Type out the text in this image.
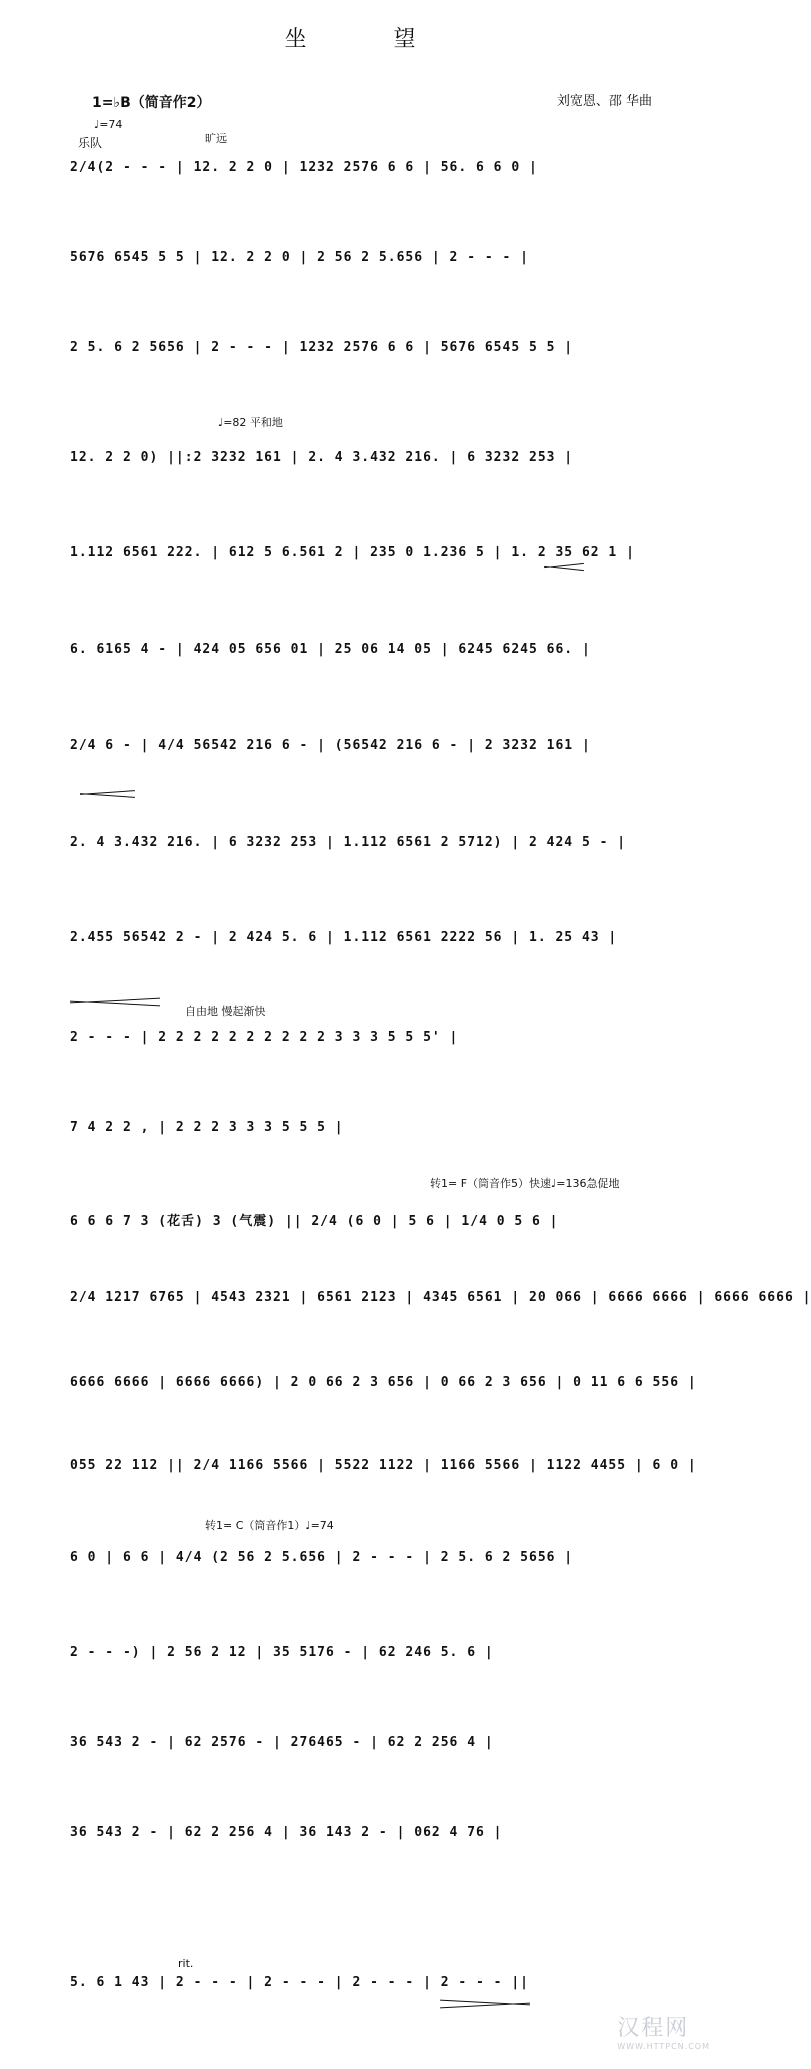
坐 望
1=♭B（简音作2）	刘宽恩、邵 华曲
♩=74
乐队	旷远
♩=82 平和地
自由地 慢起渐快
转1= F（筒音作5）快速♩=136急促地
转1= C（筒音作1）♩=74
rit.
2/4(2 - - - | 12. 2 2 0 | 1232 2576 6 6 | 56. 6 6 0 |
5676 6545 5 5 | 12. 2 2 0 | 2 56 2 5.656 | 2 - - - |
2 5. 6 2 5656 | 2 - - - | 1232 2576 6 6 | 5676 6545 5 5 |
12. 2 2 0) ||:2 3232 161 | 2. 4 3.432 216. | 6 3232 253 |
1.112 6561 222. | 612 5 6.561 2 | 235 0 1.236 5 | 1. 2 35 62 1 |
6. 6165 4 - | 424 05 656 01 | 25 06 14 05 | 6245 6245 66. |
2/4 6 - | 4/4 56542 216 6 - | (56542 216 6 - | 2 3232 161 |
2. 4 3.432 216. | 6 3232 253 | 1.112 6561 2 5712) | 2 424 5 - |
2.455 56542 2 - | 2 424 5. 6 | 1.112 6561 2222 56 | 1. 25 43 |
2 - - - | 2 2 2 2 2 2 2 2 2 2 3 3 3 5 5 5' |
7 4 2 2 , | 2 2 2 3 3 3 5 5 5 |
6 6 6 7 3 (花舌) 3 (气震) || 2/4 (6 0 | 5 6 | 1/4 0 5 6 |
2/4 1217 6765 | 4543 2321 | 6561 2123 | 4345 6561 | 20 066 | 6666 6666 | 6666 6666 |
6666 6666 | 6666 6666) | 2 0 66 2 3 656 | 0 66 2 3 656 | 0 11 6 6 556 |
055 22 112 || 2/4 1166 5566 | 5522 1122 | 1166 5566 | 1122 4455 | 6 0 |
6 0 | 6 6 | 4/4 (2 56 2 5.656 | 2 - - - | 2 5. 6 2 5656 |
2 - - -) | 2 56 2 12 | 35 5176 - | 62 246 5. 6 |
36 543 2 - | 62 2576 - | 276465 - | 62 2 256 4 |
36 543 2 - | 62 2 256 4 | 36 143 2 - | 062 4 76 |
5. 6 1 43 | 2 - - - | 2 - - - | 2 - - - | 2 - - - ||
汉程网
WWW.HTTPCN.COM
